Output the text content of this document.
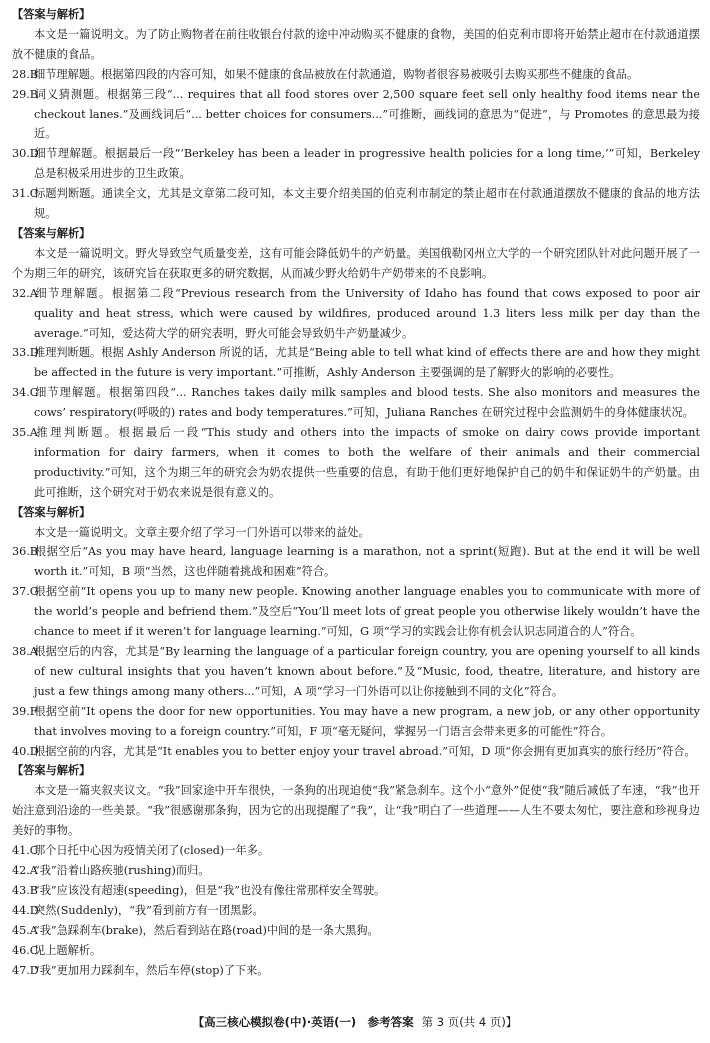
【答案与解析】

本文是一篇说明文。为了防止购物者在前往收银台付款的途中冲动购买不健康的食物，美国的伯克利市即将开始禁止超市在付款通道摆放不健康的食品。

28.B细节理解题。根据第四段的内容可知，如果不健康的食品被放在付款通道，购物者很容易被吸引去购买那些不健康的食品。

29.B词义猜测题。根据第三段“... requires that all food stores over 2,500 square feet sell only healthy food items near the checkout lanes.”及画线词后“... better choices for consumers...”可推断，画线词的意思为“促进”，与 Promotes 的意思最为接近。

30.D细节理解题。根据最后一段“‘Berkeley has been a leader in progressive health policies for a long time,’”可知，Berkeley 总是积极采用进步的卫生政策。

31.C标题判断题。通读全文，尤其是文章第二段可知，本文主要介绍美国的伯克利市制定的禁止超市在付款通道摆放不健康的食品的地方法规。

【答案与解析】

本文是一篇说明文。野火导致空气质量变差，这有可能会降低奶牛的产奶量。美国俄勒冈州立大学的一个研究团队针对此问题开展了一个为期三年的研究，该研究旨在获取更多的研究数据，从而减少野火给奶牛产奶带来的不良影响。

32.A细节理解题。根据第二段“Previous research from the University of Idaho has found that cows exposed to poor air quality and heat stress, which were caused by wildfires, produced around 1.3 liters less milk per day than the average.”可知，爱达荷大学的研究表明，野火可能会导致奶牛产奶量减少。

33.D推理判断题。根据 Ashly Anderson 所说的话，尤其是“Being able to tell what kind of effects there are and how they might be affected in the future is very important.”可推断，Ashly Anderson 主要强调的是了解野火的影响的必要性。

34.C细节理解题。根据第四段“... Ranches takes daily milk samples and blood tests. She also monitors and measures the cows’ respiratory(呼吸的) rates and body temperatures.”可知，Juliana Ranches 在研究过程中会监测奶牛的身体健康状况。

35.A推理判断题。根据最后一段“This study and others into the impacts of smoke on dairy cows provide important information for dairy farmers, when it comes to both the welfare of their animals and their commercial productivity.”可知，这个为期三年的研究会为奶农提供一些重要的信息，有助于他们更好地保护自己的奶牛和保证奶牛的产奶量。由此可推断，这个研究对于奶农来说是很有意义的。

【答案与解析】

本文是一篇说明文。文章主要介绍了学习一门外语可以带来的益处。

36.B根据空后“As you may have heard, language learning is a marathon, not a sprint(短跑). But at the end it will be well worth it.”可知，B 项“当然，这也伴随着挑战和困难”符合。

37.G根据空前“It opens you up to many new people. Knowing another language enables you to communicate with more of the world’s people and befriend them.”及空后“You’ll meet lots of great people you otherwise likely wouldn’t have the chance to meet if it weren’t for language learning.”可知，G 项“学习的实践会让你有机会认识志同道合的人”符合。

38.A根据空后的内容，尤其是“By learning the language of a particular foreign country, you are opening yourself to all kinds of new cultural insights that you haven’t known about before.”及“Music, food, theatre, literature, and history are just a few things among many others...”可知，A 项“学习一门外语可以让你接触到不同的文化”符合。

39.F根据空前“It opens the door for new opportunities. You may have a new program, a new job, or any other opportunity that involves moving to a foreign country.”可知，F 项“毫无疑问，掌握另一门语言会带来更多的可能性”符合。

40.D根据空前的内容，尤其是“It enables you to better enjoy your travel abroad.”可知，D 项“你会拥有更加真实的旅行经历”符合。

【答案与解析】

本文是一篇夹叙夹议文。“我”回家途中开车很快，一条狗的出现迫使“我”紧急刹车。这个小“意外”促使“我”随后减低了车速，“我”也开始注意到沿途的一些美景。“我”很感谢那条狗，因为它的出现提醒了“我”，让“我”明白了一些道理——人生不要太匆忙，要注意和珍视身边美好的事物。

41.C那个日托中心因为疫情关闭了(closed)一年多。

42.A“我”沿着山路疾驰(rushing)而归。

43.B“我”应该没有超速(speeding)，但是“我”也没有像往常那样安全驾驶。

44.D突然(Suddenly)，“我”看到前方有一团黑影。

45.A“我”急踩刹车(brake)，然后看到站在路(road)中间的是一条大黑狗。

46.C见上题解析。

47.D“我”更加用力踩刹车，然后车停(stop)了下来。

【高三核心模拟卷(中)·英语(一)　参考答案 第 3 页(共 4 页)】
